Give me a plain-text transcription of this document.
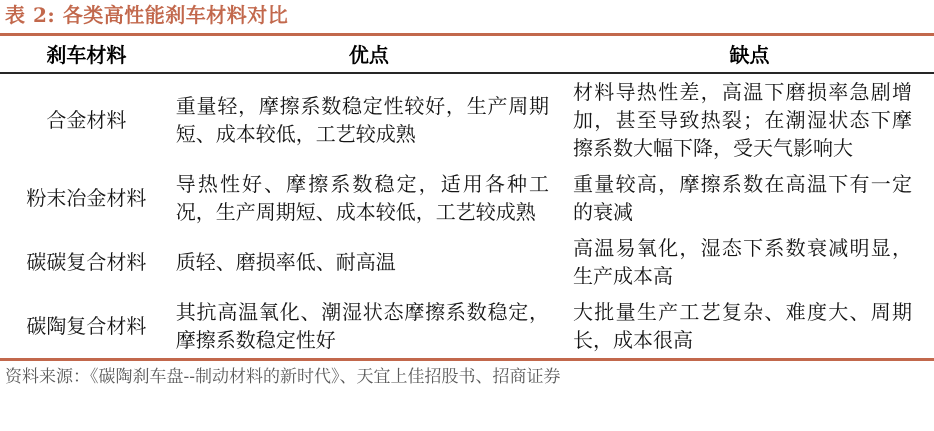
表 2: 各类高性能刹车材料对比
刹车材料	优点	缺点
合金材料	重量轻，摩擦系数稳定性较好，生产周期短、成本较低，工艺较成熟	材料导热性差，高温下磨损率急剧增加，甚至导致热裂；在潮湿状态下摩擦系数大幅下降，受天气影响大
粉末冶金材料	导热性好、摩擦系数稳定，适用各种工况，生产周期短、成本较低，工艺较成熟	重量较高，摩擦系数在高温下有一定的衰减
碳碳复合材料	质轻、磨损率低、耐高温	高温易氧化，湿态下系数衰减明显，生产成本高
碳陶复合材料	其抗高温氧化、潮湿状态摩擦系数稳定，摩擦系数稳定性好	大批量生产工艺复杂、难度大、周期长，成本很高
资料来源：《碳陶刹车盘--制动材料的新时代》、天宜上佳招股书、招商证券
